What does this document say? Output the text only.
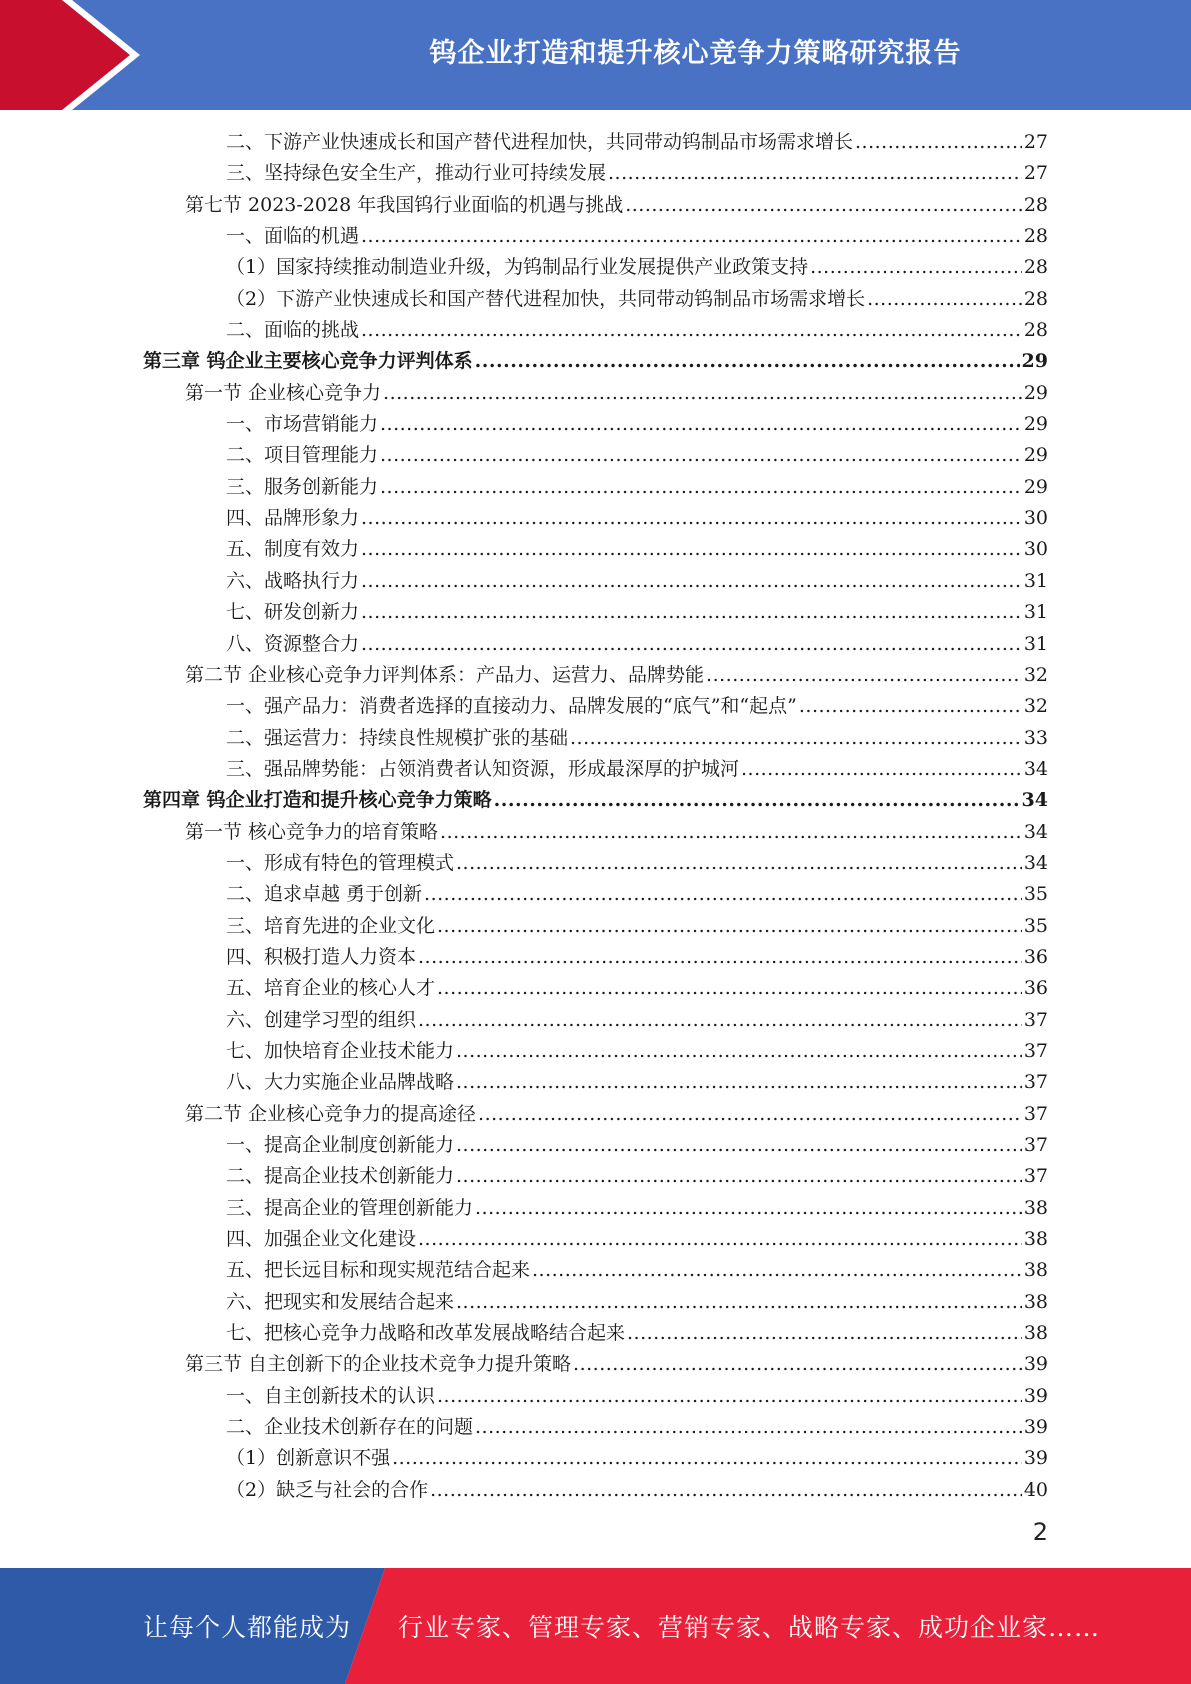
钨企业打造和提升核心竞争力策略研究报告
二、下游产业快速成长和国产替代进程加快，共同带动钨制品市场需求增长 .....	27
三、坚持绿色安全生产，推动行业可持续发展 .....	27
第七节 2023-2028 年我国钨行业面临的机遇与挑战 .....	28
一、面临的机遇 .....	28
（1）国家持续推动制造业升级，为钨制品行业发展提供产业政策支持 .....	28
（2）下游产业快速成长和国产替代进程加快，共同带动钨制品市场需求增长 .....	28
二、面临的挑战 .....	28
第三章 钨企业主要核心竞争力评判体系 .....	29
第一节 企业核心竞争力 .....	29
一、市场营销能力 .....	29
二、项目管理能力 .....	29
三、服务创新能力 .....	29
四、品牌形象力 .....	30
五、制度有效力 .....	30
六、战略执行力 .....	31
七、研发创新力 .....	31
八、资源整合力 .....	31
第二节 企业核心竞争力评判体系：产品力、运营力、品牌势能 .....	32
一、强产品力：消费者选择的直接动力、品牌发展的“底气”和“起点” .....	32
二、强运营力：持续良性规模扩张的基础 .....	33
三、强品牌势能：占领消费者认知资源，形成最深厚的护城河 .....	34
第四章 钨企业打造和提升核心竞争力策略 .....	34
第一节 核心竞争力的培育策略 .....	34
一、形成有特色的管理模式 .....	34
二、追求卓越 勇于创新 .....	35
三、培育先进的企业文化 .....	35
四、积极打造人力资本 .....	36
五、培育企业的核心人才 .....	36
六、创建学习型的组织 .....	37
七、加快培育企业技术能力 .....	37
八、大力实施企业品牌战略 .....	37
第二节 企业核心竞争力的提高途径 .....	37
一、提高企业制度创新能力 .....	37
二、提高企业技术创新能力 .....	37
三、提高企业的管理创新能力 .....	38
四、加强企业文化建设 .....	38
五、把长远目标和现实规范结合起来 .....	38
六、把现实和发展结合起来 .....	38
七、把核心竞争力战略和改革发展战略结合起来 .....	38
第三节 自主创新下的企业技术竞争力提升策略 .....	39
一、自主创新技术的认识 .....	39
二、企业技术创新存在的问题 .....	39
（1）创新意识不强 .....	39
（2）缺乏与社会的合作 .....	40
2
让每个人都能成为 行业专家、管理专家、营销专家、战略专家、成功企业家……
